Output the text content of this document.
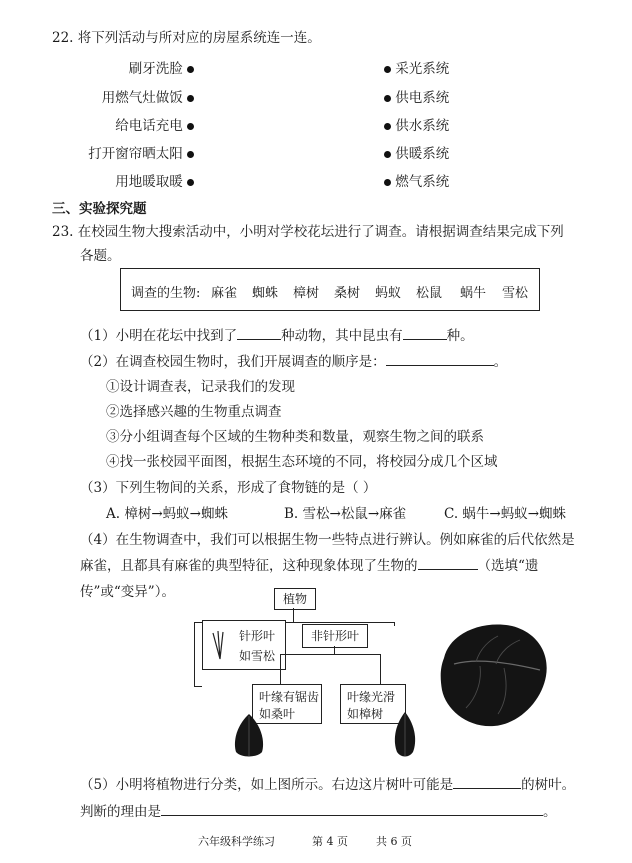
22. 将下列活动与所对应的房屋系统连一连。
刷牙洗脸
用燃气灶做饭
给电话充电
打开窗帘晒太阳
用地暖取暖
采光系统
供电系统
供水系统
供暖系统
燃气系统
三、实验探究题
23. 在校园生物大搜索活动中，小明对学校花坛进行了调查。请根据调查结果完成下列
各题。
调查的生物: 麻雀 蜘蛛 樟树 桑树 蚂蚁 松鼠 蜗牛 雪松
（1）小明在花坛中找到了	种动物，其中昆虫有	种。
（2）在调查校园生物时，我们开展调查的顺序是：	。
①设计调查表，记录我们的发现
②选择感兴趣的生物重点调查
③分小组调查每个区域的生物种类和数量，观察生物之间的联系
④找一张校园平面图，根据生态环境的不同，将校园分成几个区域
（3）下列生物间的关系，形成了食物链的是（ ）
A. 樟树→蚂蚁→蜘蛛	B. 雪松→松鼠→麻雀	C. 蜗牛→蚂蚁→蜘蛛
（4）在生物调查中，我们可以根据生物一些特点进行辨认。例如麻雀的后代依然是
麻雀，且都具有麻雀的典型特征，这种现象体现了生物的	（选填“遗
传”或“变异”）。	植物
针形叶
如雪松
非针形叶
叶缘有锯齿
如桑叶
叶缘光滑
如樟树
（5）小明将植物进行分类，如上图所示。右边这片树叶可能是	的树叶。
判断的理由是	。
六年级科学练习	第 4 页	共 6 页
